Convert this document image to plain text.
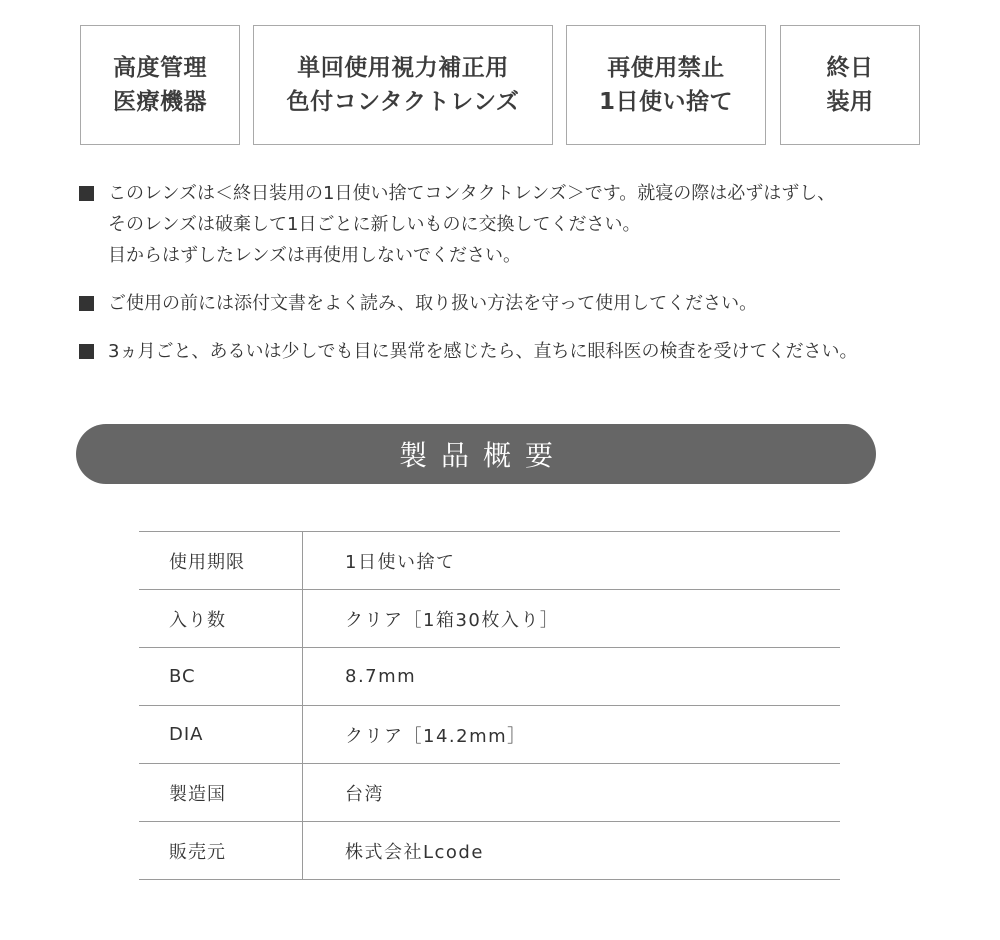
高度管理
医療機器
単回使用視力補正用
色付コンタクトレンズ
再使用禁止
1日使い捨て
終日
装用
このレンズは＜終日装用の1日使い捨てコンタクトレンズ＞です。就寝の際は必ずはずし、
そのレンズは破棄して1日ごとに新しいものに交換してください。
目からはずしたレンズは再使用しないでください。
ご使用の前には添付文書をよく読み、取り扱い方法を守って使用してください。
3ヵ月ごと、あるいは少しでも目に異常を感じたら、直ちに眼科医の検査を受けてください。
製品概要
使用期限	1日使い捨て
入り数	クリア［1箱30枚入り］
BC	8.7mm
DIA	クリア［14.2mm］
製造国	台湾
販売元	株式会社Lcode
